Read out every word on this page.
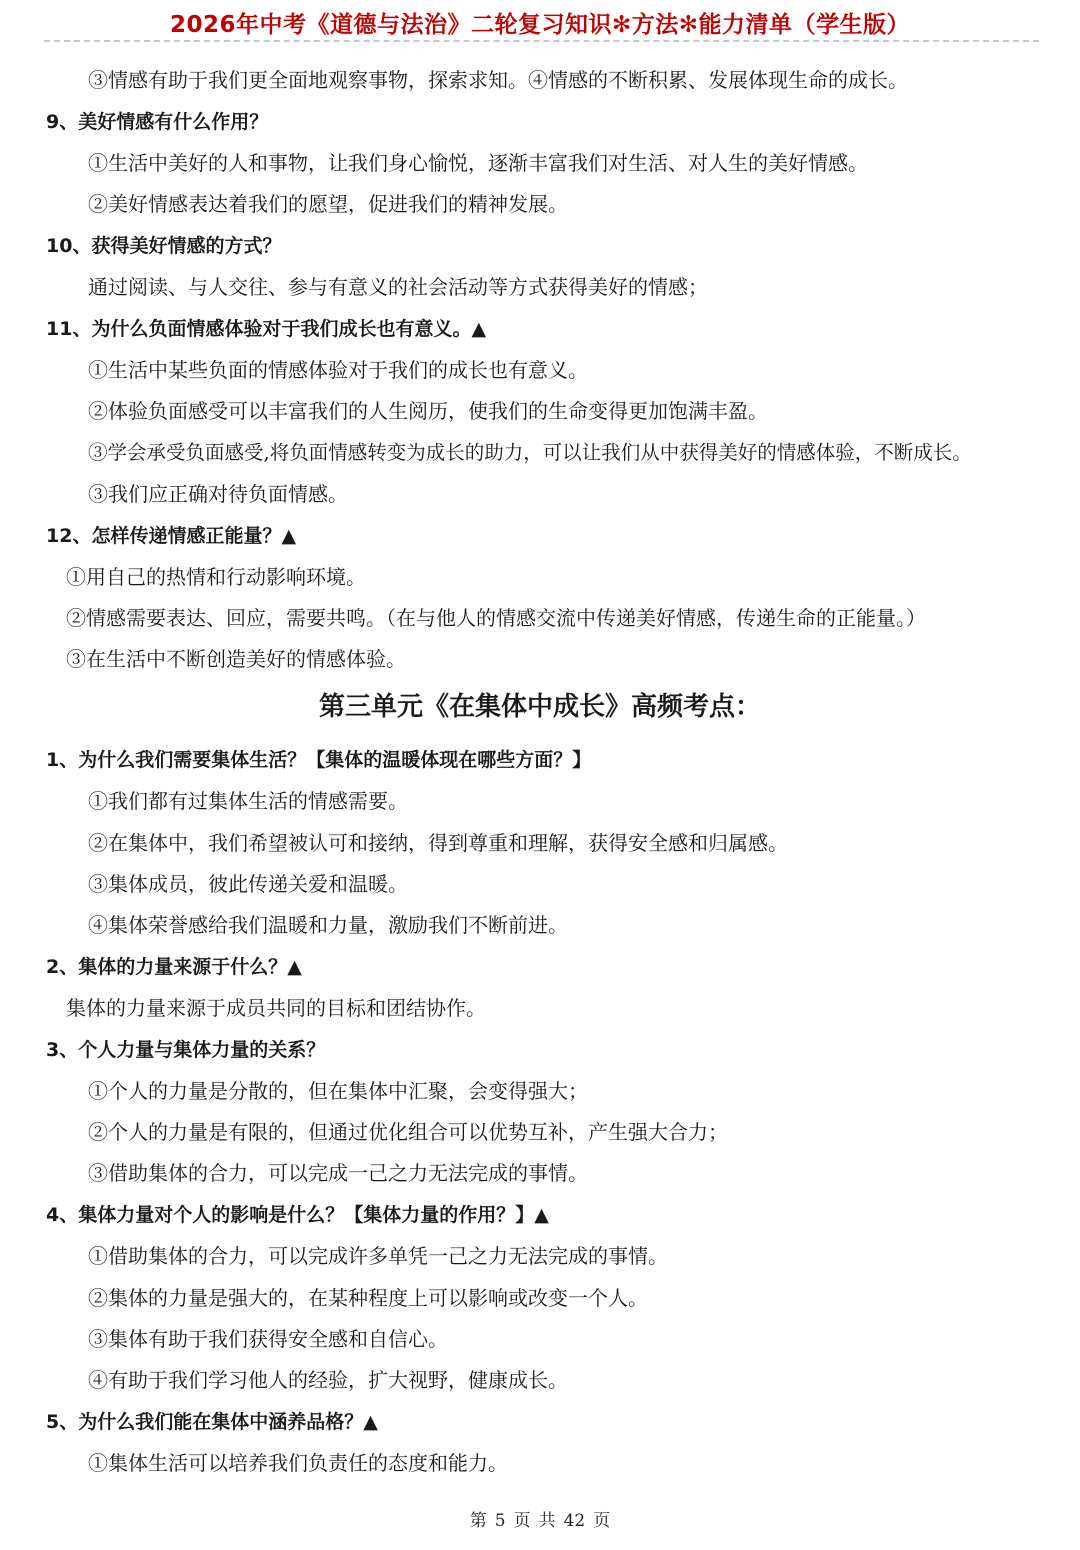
2026年中考《道德与法治》二轮复习知识✻方法✻能力清单（学生版）
③情感有助于我们更全面地观察事物，探索求知。④情感的不断积累、发展体现生命的成长。
9、美好情感有什么作用？
①生活中美好的人和事物，让我们身心愉悦，逐渐丰富我们对生活、对人生的美好情感。
②美好情感表达着我们的愿望，促进我们的精神发展。
10、获得美好情感的方式？
通过阅读、与人交往、参与有意义的社会活动等方式获得美好的情感；
11、为什么负面情感体验对于我们成长也有意义。▲
①生活中某些负面的情感体验对于我们的成长也有意义。
②体验负面感受可以丰富我们的人生阅历，使我们的生命变得更加饱满丰盈。
③学会承受负面感受,将负面情感转变为成长的助力，可以让我们从中获得美好的情感体验，不断成长。
③我们应正确对待负面情感。
12、怎样传递情感正能量？▲
①用自己的热情和行动影响环境。
②情感需要表达、回应，需要共鸣。（在与他人的情感交流中传递美好情感，传递生命的正能量。）
③在生活中不断创造美好的情感体验。
第三单元《在集体中成长》高频考点：
1、为什么我们需要集体生活？【集体的温暖体现在哪些方面？】
①我们都有过集体生活的情感需要。
②在集体中，我们希望被认可和接纳，得到尊重和理解，获得安全感和归属感。
③集体成员，彼此传递关爱和温暖。
④集体荣誉感给我们温暖和力量，激励我们不断前进。
2、集体的力量来源于什么？▲
集体的力量来源于成员共同的目标和团结协作。
3、个人力量与集体力量的关系？
①个人的力量是分散的，但在集体中汇聚，会变得强大；
②个人的力量是有限的，但通过优化组合可以优势互补，产生强大合力；
③借助集体的合力，可以完成一己之力无法完成的事情。
4、集体力量对个人的影响是什么？【集体力量的作用？】▲
①借助集体的合力，可以完成许多单凭一己之力无法完成的事情。
②集体的力量是强大的，在某种程度上可以影响或改变一个人。
③集体有助于我们获得安全感和自信心。
④有助于我们学习他人的经验，扩大视野，健康成长。
5、为什么我们能在集体中涵养品格？▲
①集体生活可以培养我们负责任的态度和能力。
第 5 页 共 42 页
